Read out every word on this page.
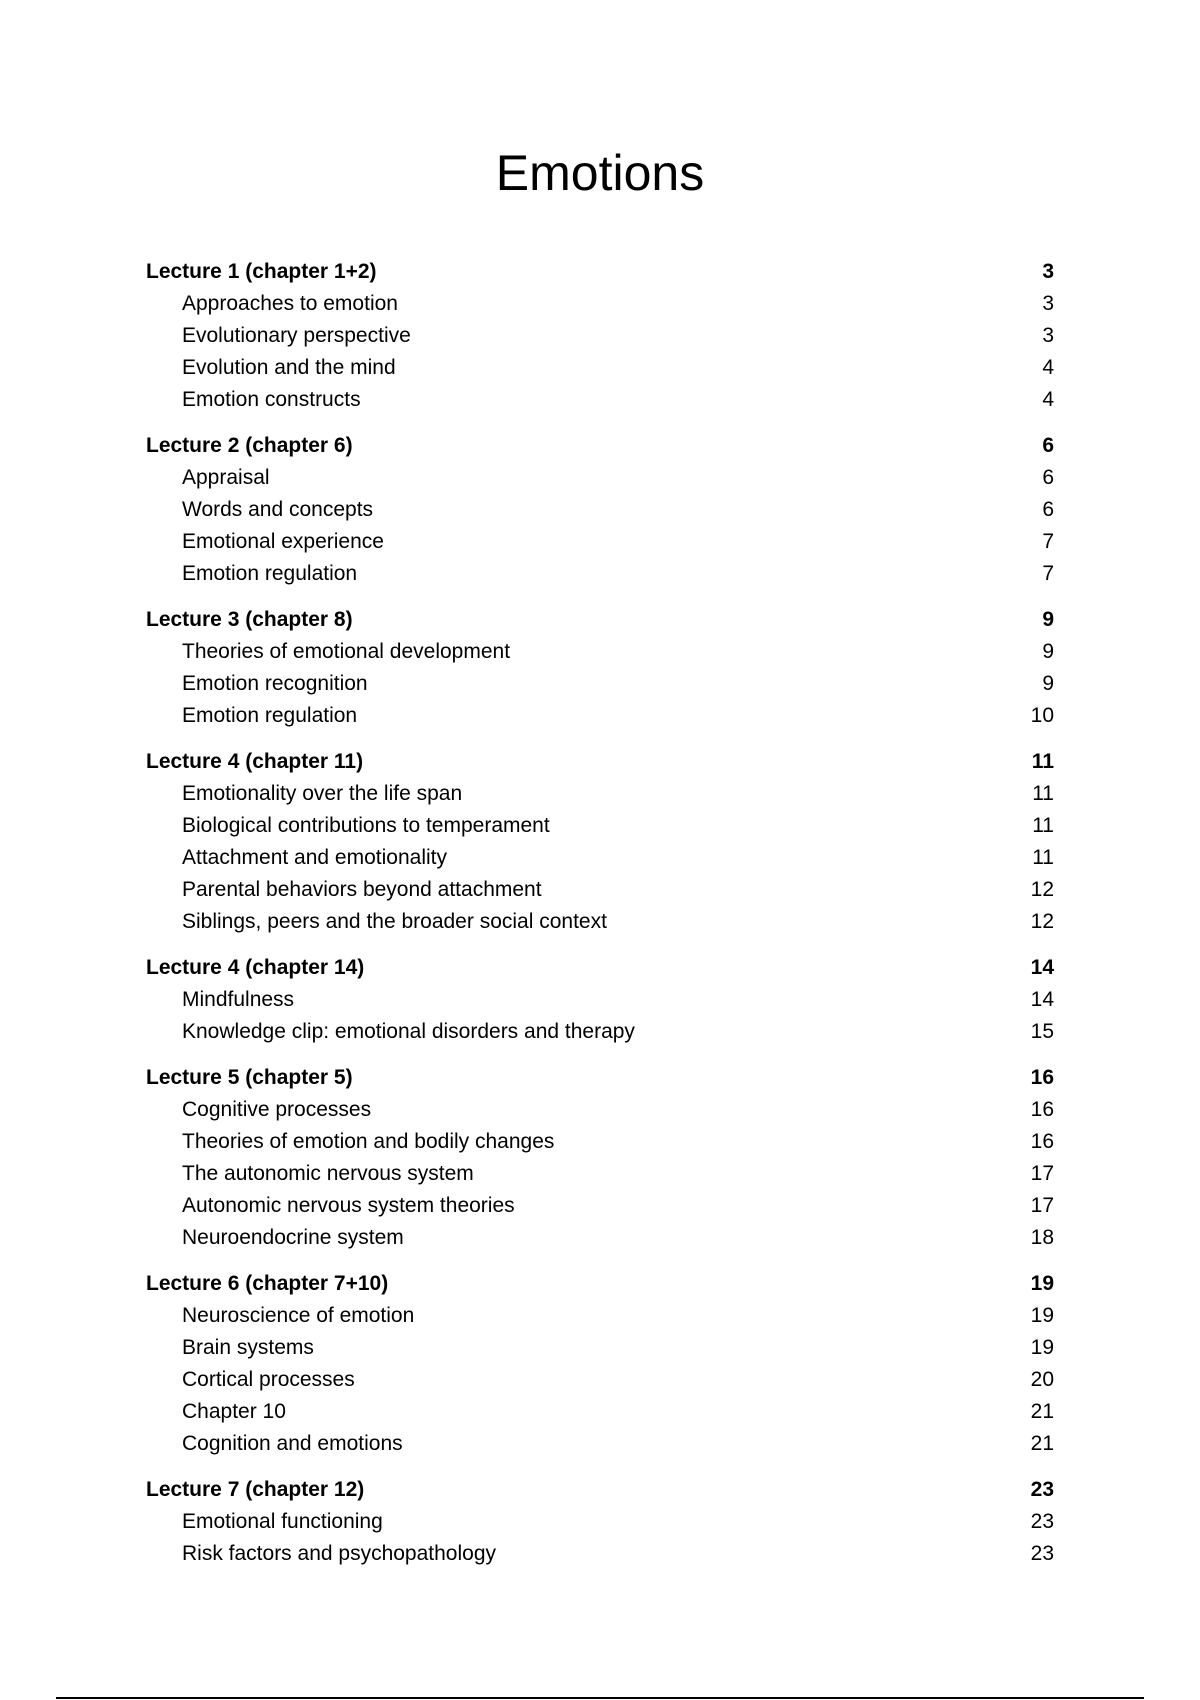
Emotions
Lecture 1 (chapter 1+2)	3
Approaches to emotion	3
Evolutionary perspective	3
Evolution and the mind	4
Emotion constructs	4
Lecture 2 (chapter 6)	6
Appraisal	6
Words and concepts	6
Emotional experience	7
Emotion regulation	7
Lecture 3 (chapter 8)	9
Theories of emotional development	9
Emotion recognition	9
Emotion regulation	10
Lecture 4 (chapter 11)	11
Emotionality over the life span	11
Biological contributions to temperament	11
Attachment and emotionality	11
Parental behaviors beyond attachment	12
Siblings, peers and the broader social context	12
Lecture 4 (chapter 14)	14
Mindfulness	14
Knowledge clip: emotional disorders and therapy	15
Lecture 5 (chapter 5)	16
Cognitive processes	16
Theories of emotion and bodily changes	16
The autonomic nervous system	17
Autonomic nervous system theories	17
Neuroendocrine system	18
Lecture 6 (chapter 7+10)	19
Neuroscience of emotion	19
Brain systems	19
Cortical processes	20
Chapter 10	21
Cognition and emotions	21
Lecture 7 (chapter 12)	23
Emotional functioning	23
Risk factors and psychopathology	23
